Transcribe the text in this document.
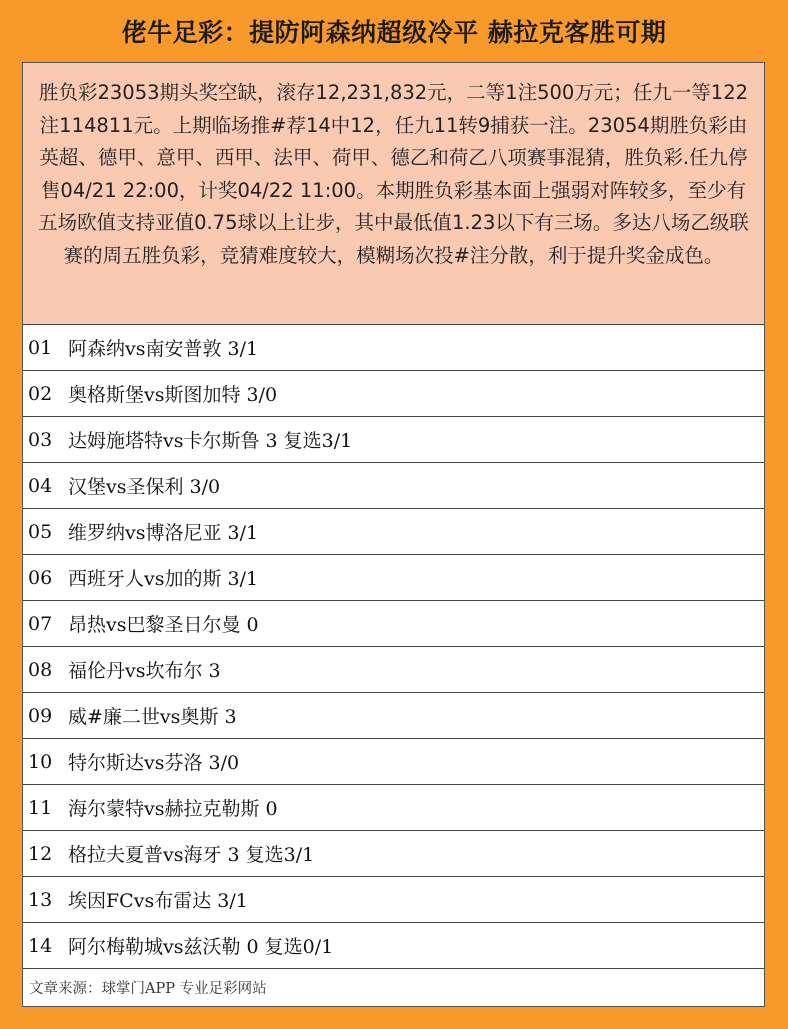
佬牛足彩：提防阿森纳超级冷平 赫拉克客胜可期
胜负彩23053期头奖空缺，滚存12,231,832元，二等1注500万元；任九一等122注114811元。上期临场推#荐14中12，任九11转9捕获一注。23054期胜负彩由英超、德甲、意甲、西甲、法甲、荷甲、德乙和荷乙八项赛事混猜，胜负彩.任九停售04/21 22:00，计奖04/22 11:00。本期胜负彩基本面上强弱对阵较多，至少有五场欧值支持亚值0.75球以上让步，其中最低值1.23以下有三场。多达八场乙级联赛的周五胜负彩，竞猜难度较大，模糊场次投#注分散，利于提升奖金成色。
01 阿森纳vs南安普敦 3/1
02 奥格斯堡vs斯图加特 3/0
03 达姆施塔特vs卡尔斯鲁 3 复选3/1
04 汉堡vs圣保利 3/0
05 维罗纳vs博洛尼亚 3/1
06 西班牙人vs加的斯 3/1
07 昂热vs巴黎圣日尔曼 0
08 福伦丹vs坎布尔 3
09 威#廉二世vs奥斯 3
10 特尔斯达vs芬洛 3/0
11 海尔蒙特vs赫拉克勒斯 0
12 格拉夫夏普vs海牙 3 复选3/1
13 埃因FCvs布雷达 3/1
14 阿尔梅勒城vs兹沃勒 0 复选0/1
文章来源：球掌门APP 专业足彩网站
